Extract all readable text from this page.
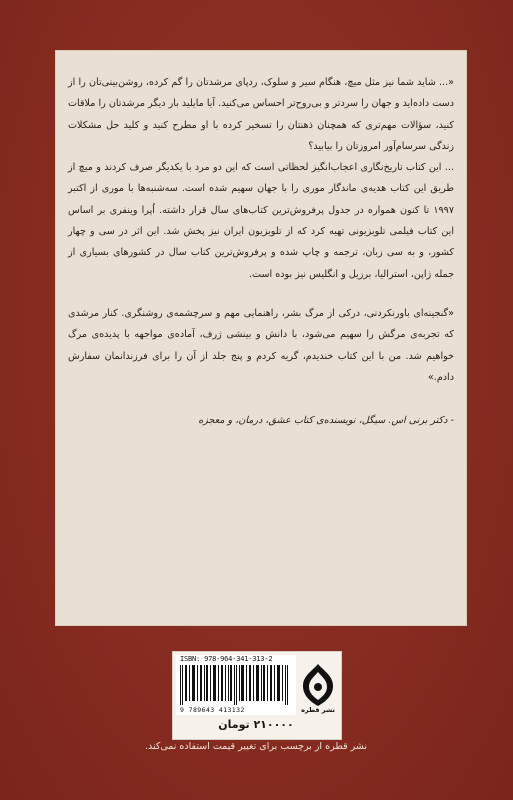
«... شاید شما نیز مثل میچ، هنگام سیر و سلوک، ردپای مرشدتان را گم کرده، روشن‌بینی‌تان را از دست داده‌اید و جهان را سردتر و بی‌روح‌تر احساس می‌کنید. آیا مایلید بار دیگر مرشدتان را ملاقات کنید، سؤالات مهم‌تری که همچنان ذهنتان را تسخیر کرده با او مطرح کنید و کلید حل مشکلات زندگی سرسام‌آور امروزتان را بیابید؟

... این کتاب تاریخ‌نگاری اعجاب‌انگیز لحظاتی است که این دو مرد با یکدیگر صرف کردند و میچ از طریق این کتاب هدیه‌ی ماندگار موری را با جهان سهیم شده است. سه‌شنبه‌ها با موری از اکتبر ۱۹۹۷ تا کنون همواره در جدول پرفروش‌ترین کتاب‌های سال قرار داشته. اُپرا وینفری بر اساس این کتاب فیلمی تلویزیونی تهیه کرد که از تلویزیون ایران نیز پخش شد. این اثر در سی و چهار کشور، و به سی زبان، ترجمه و چاپ شده و پرفروش‌ترین کتاب سال در کشورهای بسیاری از جمله ژاپن، استرالیا، برزیل و انگلیس نیز بوده است.

«گنجینه‌ای باورنکردنی، درکی از مرگ بشر، راهنمایی مهم و سرچشمه‌ی روشنگری. کنار مرشدی که تجربه‌ی مرگش را سهیم می‌شود، با دانش و بینشی ژرف، آماده‌ی مواجهه با پدیده‌ی مرگ خواهیم شد. من با این کتاب خندیدم، گریه کردم و پنج جلد از آن را برای فرزندانمان سفارش دادم.»

- دکتر برنی اس. سیگل، نویسنده‌ی کتاب عشق، درمان، و معجزه

ISBN: 978-964-341-313-2
9 789643 413132	نشر قطره
۲۱۰۰۰۰ تومان
نشر قطره از برچسب برای تغییر قیمت استفاده نمی‌کند.
